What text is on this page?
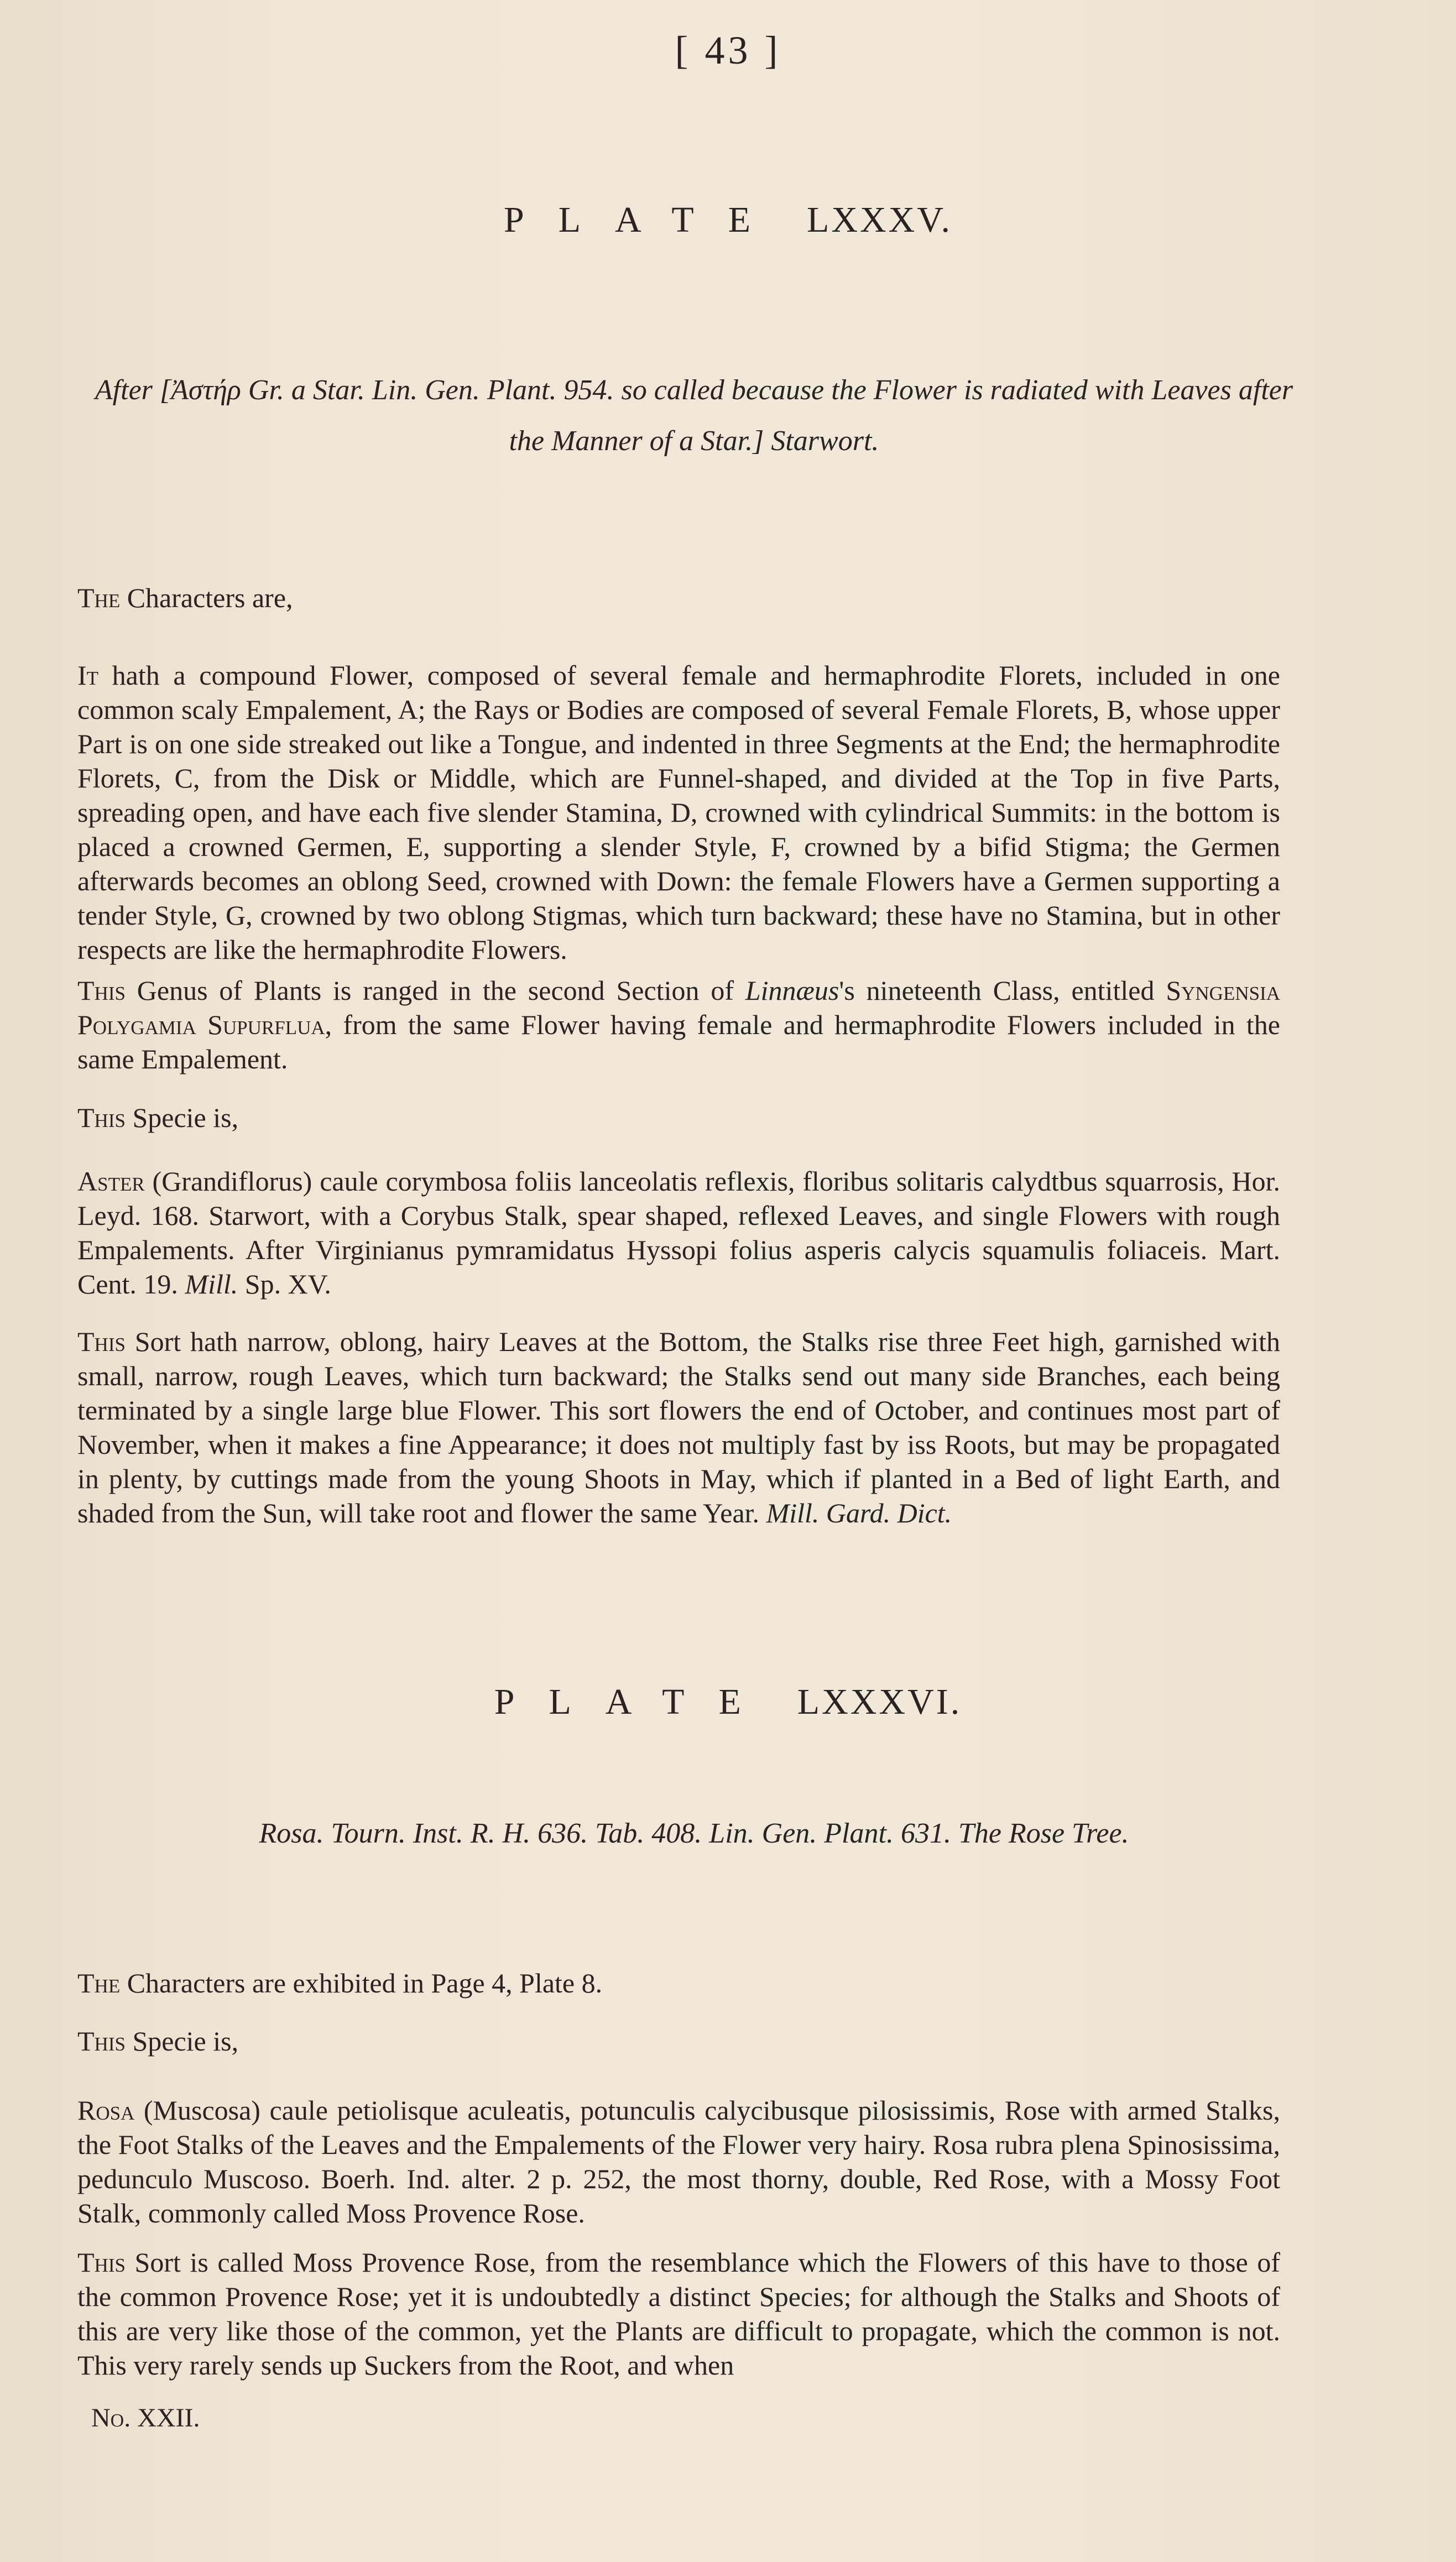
[ 43 ]
PLATE LXXXV.
After [Ἀστήρ Gr. a Star. Lin. Gen. Plant. 954. so called because the Flower is radiated with Leaves after
the Manner of a Star.] Starwort.
The Characters are,
It hath a compound Flower, composed of several female and hermaphrodite Florets, included in one common scaly Empalement, A; the Rays or Bodies are composed of several Female Florets, B, whose upper Part is on one side streaked out like a Tongue, and indented in three Segments at the End; the hermaphrodite Florets, C, from the Disk or Middle, which are Funnel-shaped, and divided at the Top in five Parts, spreading open, and have each five slender Stamina, D, crowned with cylindrical Summits: in the bottom is placed a crowned Germen, E, supporting a slender Style, F, crowned by a bifid Stigma; the Germen afterwards becomes an oblong Seed, crowned with Down: the female Flowers have a Germen supporting a tender Style, G, crowned by two oblong Stigmas, which turn backward; these have no Stamina, but in other respects are like the hermaphrodite Flowers.
This Genus of Plants is ranged in the second Section of Linnæus's nineteenth Class, entitled Syngensia Polygamia Supurflua, from the same Flower having female and hermaphrodite Flowers included in the same Empalement.
This Specie is,
Aster (Grandiflorus) caule corymbosa foliis lanceolatis reflexis, floribus solitaris calydtbus squarrosis, Hor. Leyd. 168. Starwort, with a Corybus Stalk, spear shaped, reflexed Leaves, and single Flowers with rough Empalements. After Virginianus pymramidatus Hyssopi folius asperis calycis squamulis foliaceis. Mart. Cent. 19. Mill. Sp. XV.
This Sort hath narrow, oblong, hairy Leaves at the Bottom, the Stalks rise three Feet high, garnished with small, narrow, rough Leaves, which turn backward; the Stalks send out many side Branches, each being terminated by a single large blue Flower. This sort flowers the end of October, and continues most part of November, when it makes a fine Appearance; it does not multiply fast by iss Roots, but may be propagated in plenty, by cuttings made from the young Shoots in May, which if planted in a Bed of light Earth, and shaded from the Sun, will take root and flower the same Year. Mill. Gard. Dict.
PLATE LXXXVI.
Rosa. Tourn. Inst. R. H. 636. Tab. 408. Lin. Gen. Plant. 631. The Rose Tree.
The Characters are exhibited in Page 4, Plate 8.
This Specie is,
Rosa (Muscosa) caule petiolisque aculeatis, potunculis calycibusque pilosissimis, Rose with armed Stalks, the Foot Stalks of the Leaves and the Empalements of the Flower very hairy. Rosa rubra plena Spinosissima, pedunculo Muscoso. Boerh. Ind. alter. 2 p. 252, the most thorny, double, Red Rose, with a Mossy Foot Stalk, commonly called Moss Provence Rose.
This Sort is called Moss Provence Rose, from the resemblance which the Flowers of this have to those of the common Provence Rose; yet it is undoubtedly a distinct Species; for although the Stalks and Shoots of this are very like those of the common, yet the Plants are difficult to propagate, which the common is not. This very rarely sends up Suckers from the Root, and when
No. XXII.
